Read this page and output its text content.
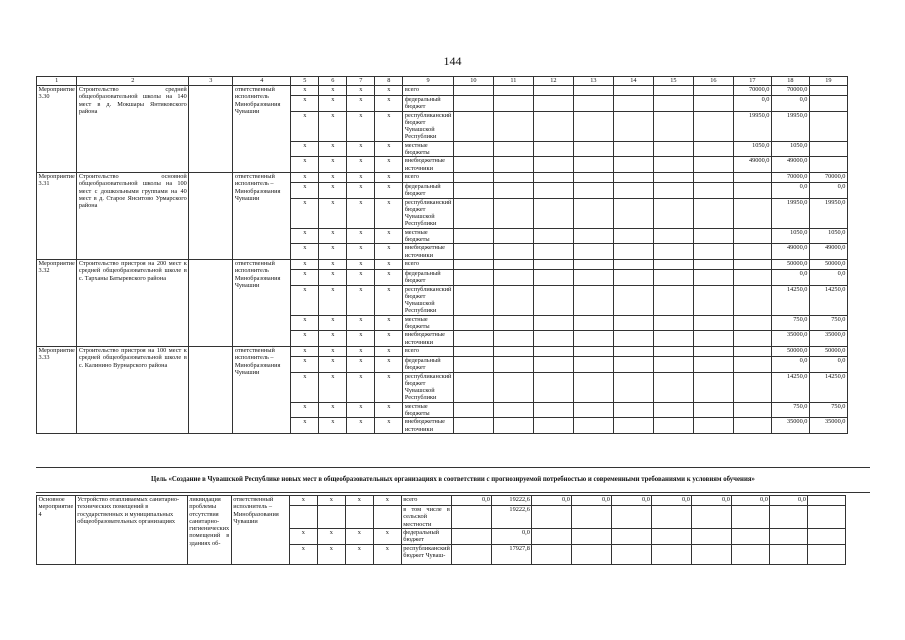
144
1	2	3	4	5	6	7	8	9	10	11	12	13	14	15	16	17	18	19
Мероприятие 3.30	Строительство средней общеобразовательной школы на 140 мест в д. Мокшары Янтиковского района		ответственный исполнитель Минобразования Чувашии	x	x	x	x	всего								70000,0	70000,0	
				x	x	x	x	федеральный бюджет								0,0	0,0	
				x	x	x	x	республиканский бюджет Чувашской Республики								19950,0	19950,0	
				x	x	x	x	местные бюджеты								1050,0	1050,0	
				x	x	x	x	внебюджетные источники								49000,0	49000,0	
Мероприятие 3.31	Строительство основной общеобразовательной школы на 100 мест с дошкольными группами на 40 мест в д. Старое Янситово Урмарского района		ответственный исполнитель – Минобразования Чувашии	x	x	x	x	всего									70000,0	70000,0
				x	x	x	x	федеральный бюджет									0,0	0,0
				x	x	x	x	республиканский бюджет Чувашской Республики									19950,0	19950,0
				x	x	x	x	местные бюджеты									1050,0	1050,0
				x	x	x	x	внебюджетные источники									49000,0	49000,0
Мероприятие 3.32	Строительство пристроя на 200 мест к средней общеобразовательной школе в с. Тарханы Батыревского района		ответственный исполнитель Минобразования Чувашии	x	x	x	x	всего									50000,0	50000,0
				x	x	x	x	федеральный бюджет									0,0	0,0
				x	x	x	x	республиканский бюджет Чувашской Республики									14250,0	14250,0
				x	x	x	x	местные бюджеты									750,0	750,0
				x	x	x	x	внебюджетные источники									35000,0	35000,0
Мероприятие 3.33	Строительство пристроя на 100 мест к средней общеобразовательной школе в с. Калинино Вурнарского района		ответственный исполнитель – Минобразования Чувашии	x	x	x	x	всего									50000,0	50000,0
				x	x	x	x	федеральный бюджет									0,0	0,0
				x	x	x	x	республиканский бюджет Чувашской Республики									14250,0	14250,0
				x	x	x	x	местные бюджеты									750,0	750,0
				x	x	x	x	внебюджетные источники									35000,0	35000,0
Цель «Создание в Чувашской Республике новых мест в общеобразовательных организациях в соответствии с прогнозируемой потребностью и современными требованиями к условиям обучения»
Основное мероприятие 4	Устройство отапливаемых санитарно-технических помещений в государственных и муниципальных общеобразовательных организациях	ликвидация проблемы отсутствия санитарно-гигиенических помещений в зданиях об-	ответственный исполнитель – Минобразования Чувашии	x	x	x	x	всего	0,0	19222,6	0,0	0,0	0,0	0,0	0,0	0,0	0,0	
								в том числе в сельской местности		19222,6								
				x	x	x	x	федеральный бюджет		0,0								
				x	x	x	x	республиканский бюджет Чуваш-		17927,8								
